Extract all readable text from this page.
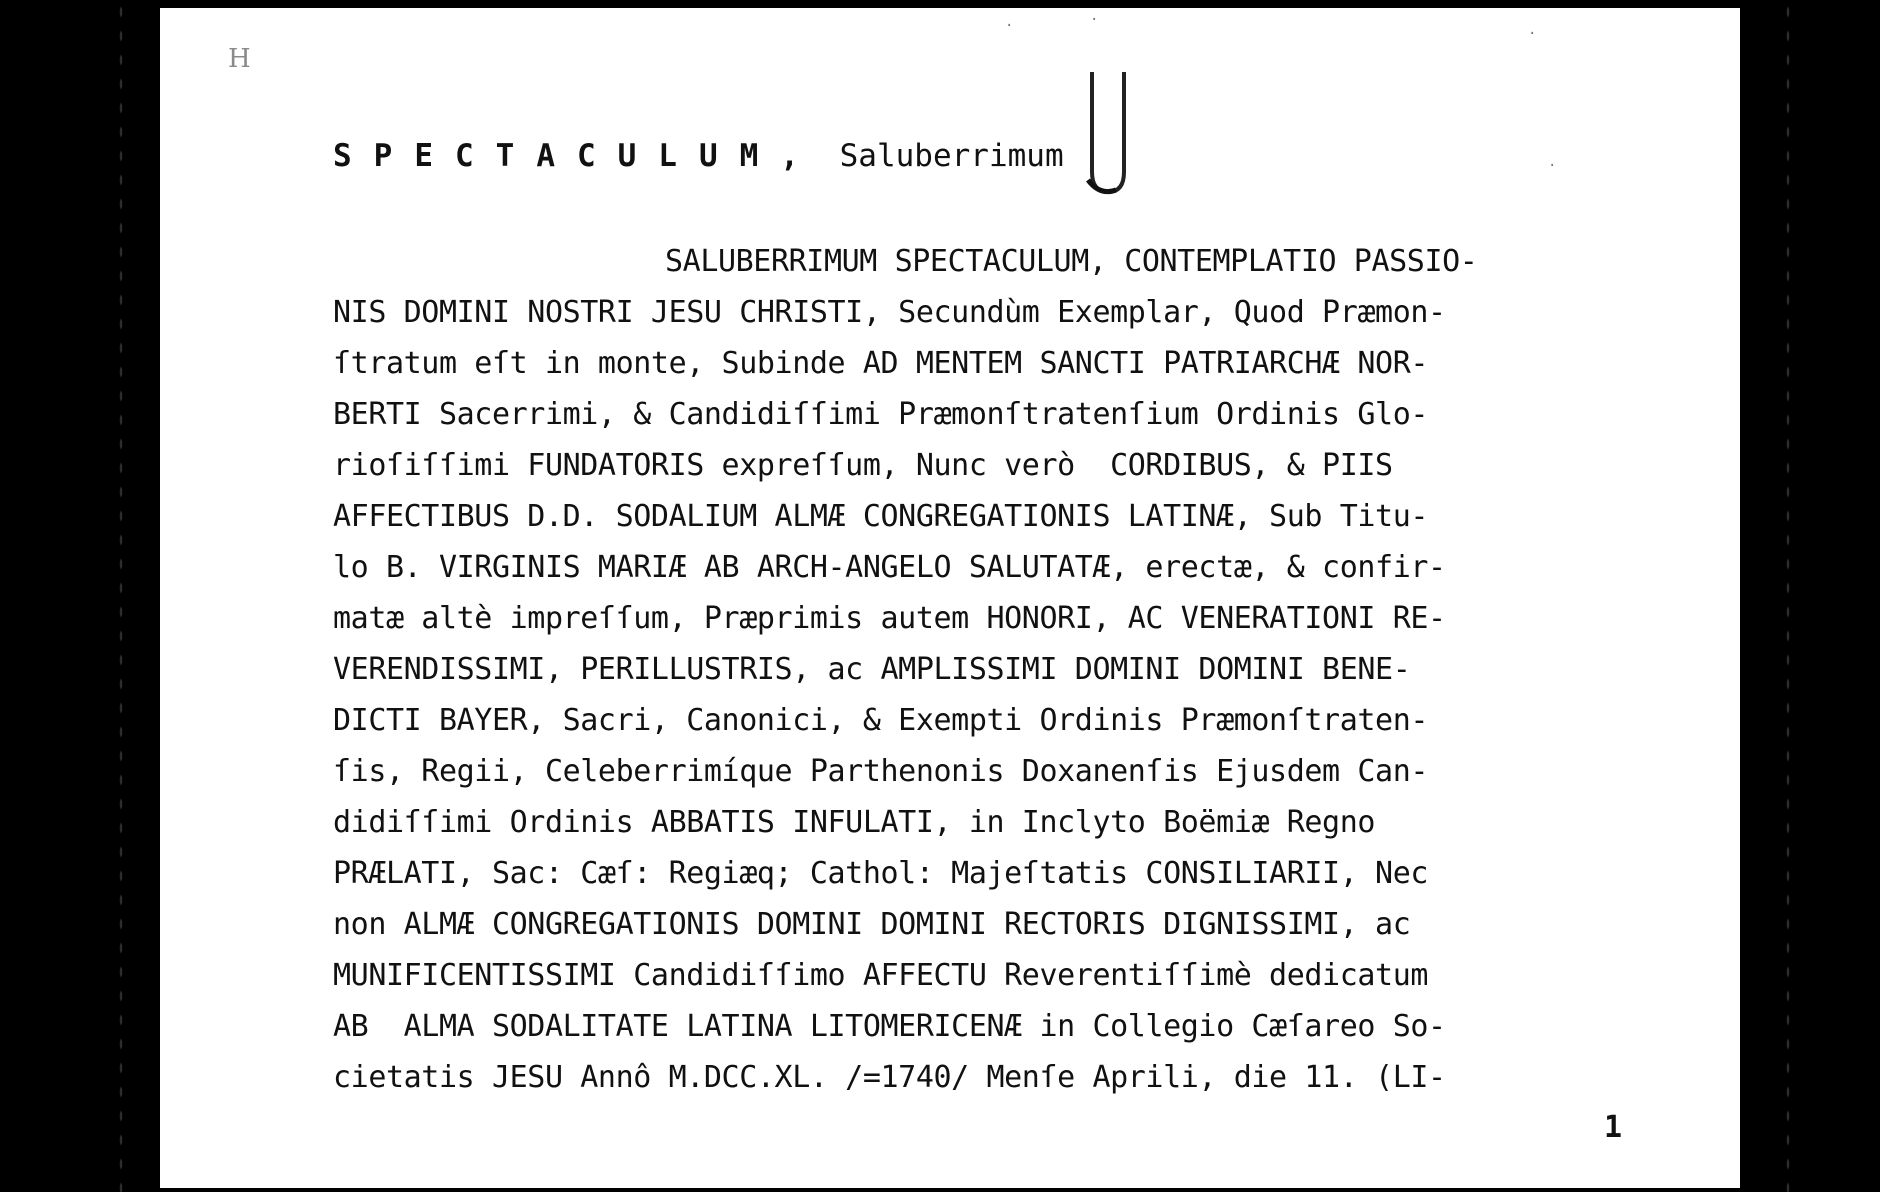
H
·	·
·
·
SPECTACULUM, Saluberrimum
SALUBERRIMUM SPECTACULUM, CONTEMPLATIO PASSIO-
NIS DOMINI NOSTRI JESU CHRISTI, Secundùm Exemplar, Quod Præmon-
ſtratum eſt in monte, Subinde AD MENTEM SANCTI PATRIARCHÆ NOR-
BERTI Sacerrimi, & Candidiſſimi Præmonſtratenſium Ordinis Glo-
rioſiſſimi FUNDATORIS expreſſum, Nunc verò  CORDIBUS, & PIIS
AFFECTIBUS D.D. SODALIUM ALMÆ CONGREGATIONIS LATINÆ, Sub Titu-
lo B. VIRGINIS MARIÆ AB ARCH-ANGELO SALUTATÆ, erectæ, & confir-
matæ altè impreſſum, Præprimis autem HONORI, AC VENERATIONI RE-
VERENDISSIMI, PERILLUSTRIS, ac AMPLISSIMI DOMINI DOMINI BENE-
DICTI BAYER, Sacri, Canonici, & Exempti Ordinis Præmonſtraten-
ſis, Regii, Celeberrimíque Parthenonis Doxanenſis Ejusdem Can-
didiſſimi Ordinis ABBATIS INFULATI, in Inclyto Boëmiæ Regno
PRÆLATI, Sac: Cæſ: Regiæq; Cathol: Majeſtatis CONSILIARII, Nec
non ALMÆ CONGREGATIONIS DOMINI DOMINI RECTORIS DIGNISSIMI, ac
MUNIFICENTISSIMI Candidiſſimo AFFECTU Reverentiſſimè dedicatum
AB  ALMA SODALITATE LATINA LITOMERICENÆ in Collegio Cæſareo So-
cietatis JESU Annô M.DCC.XL. /=1740/ Menſe Aprili, die 11. (LI-
1
